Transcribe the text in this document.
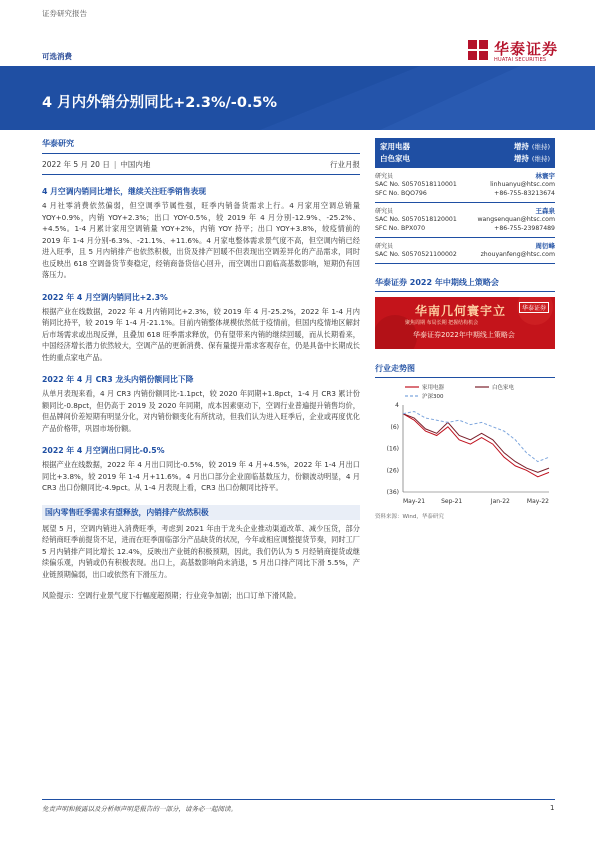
证券研究报告
可选消费	华泰证券
HUATAI SECURITIES
4 月内外销分别同比+2.3%/-0.5%
华泰研究
2022 年 5 月 20 日| 中国内地	行业月报
4 月空调内销同比增长，继续关注旺季销售表现
4 月社零消费依然偏弱，但空调季节属性强，旺季内销备货需求上行。4 月家用空调总销量 YOY+0.9%，内销 YOY+2.3%；出口 YOY-0.5%，较 2019 年 4 月分别-12.9%、-25.2%、+4.5%。1-4 月累计家用空调销量 YOY+2%，内销 YOY 持平；出口 YOY+3.8%，较疫情前的 2019 年 1-4 月分别-6.3%、-21.1%、+11.6%。4 月家电整体需求景气度不高，但空调内销已经进入旺季，且 5 月内销排产也依然积极，出货及排产回暖不但表现出空调差异化的产品需求，同时也反映出 618 空调备货节奏稳定，经销商备货信心回升，而空调出口面临高基数影响，短期仍有回落压力。
2022 年 4 月空调内销同比+2.3%
根据产业在线数据，2022 年 4 月内销同比+2.3%，较 2019 年 4 月-25.2%，2022 年 1-4 月内销同比持平，较 2019 年 1-4 月-21.1%。目前内销整体规模依然低于疫情前，但国内疫情地区解封后市场需求或出现反弹，且叠加 618 旺季需求释放，仍有望带来内销的继续回暖，而从长期看来，中国经济增长潜力依然较大，空调产品的更新消费、保有量提升需求客观存在，仍是具备中长期成长性的重点家电产品。
2022 年 4 月 CR3 龙头内销份额同比下降
从单月表现来看，4 月 CR3 内销份额同比-1.1pct，较 2020 年同期+1.8pct，1-4 月 CR3 累计份额同比-0.8pct，但仍高于 2019 及 2020 年同期，成本因素驱动下，空调行业普遍提升销售均价，但品牌间价差短期有明显分化，对内销份额变化有所扰动，但我们认为进入旺季后，企业或再度优化产品价格带，巩固市场份额。
2022 年 4 月空调出口同比-0.5%
根据产业在线数据，2022 年 4 月出口同比-0.5%，较 2019 年 4 月+4.5%，2022 年 1-4 月出口同比+3.8%，较 2019 年 1-4 月+11.6%。4 月出口部分企业面临基数压力，份额波动明显，4 月 CR3 出口份额同比-4.9pct。从 1-4 月表现上看，CR3 出口份额同比持平。
国内零售旺季需求有望释放，内销排产依然积极
展望 5 月，空调内销进入消费旺季，考虑到 2021 年由于龙头企业推动渠道改革、减少压货，部分经销商旺季前提货不足，进而在旺季面临部分产品缺货的状况，今年或相应调整提货节奏，同时工厂 5 月内销排产同比增长 12.4%，反映出产业链的积极预期，因此，我们仍认为 5 月经销商提货或继续偏乐观，内销或仍有积极表现。出口上，高基数影响尚未消退，5 月出口排产同比下滑 5.5%，产业链预期偏弱，出口或依然有下滑压力。
风险提示：空调行业景气度下行幅度超预期；行业竞争加剧；出口订单下滑风险。
家用电器	增持 (维持)
白色家电	增持 (维持)
研究员	林寰宇
SAC No. S0570518110001	linhuanyu@htsc.com
SFC No. BQO796	+86-755-83213674
研究员	王森泉
SAC No. S0570518120001	wangsenquan@htsc.com
SFC No. BPX070	+86-755-23987489
研究员	周衍峰
SAC No. S0570521100002	zhouyanfeng@htsc.com
华泰证券 2022 年中期线上策略会
华南几何寰宇立
聚焦周期 布局长期 把握结构机会
华泰证券2022年中期线上策略会
华泰证券
行业走势图
家用电器	白色家电
沪深300
4
(6)
(16)
(26)
(36)
May-21	Sep-21	Jan-22	May-22
资料来源：Wind，华泰研究
免责声明和披露以及分析师声明是报告的一部分，请务必一起阅读。	1
